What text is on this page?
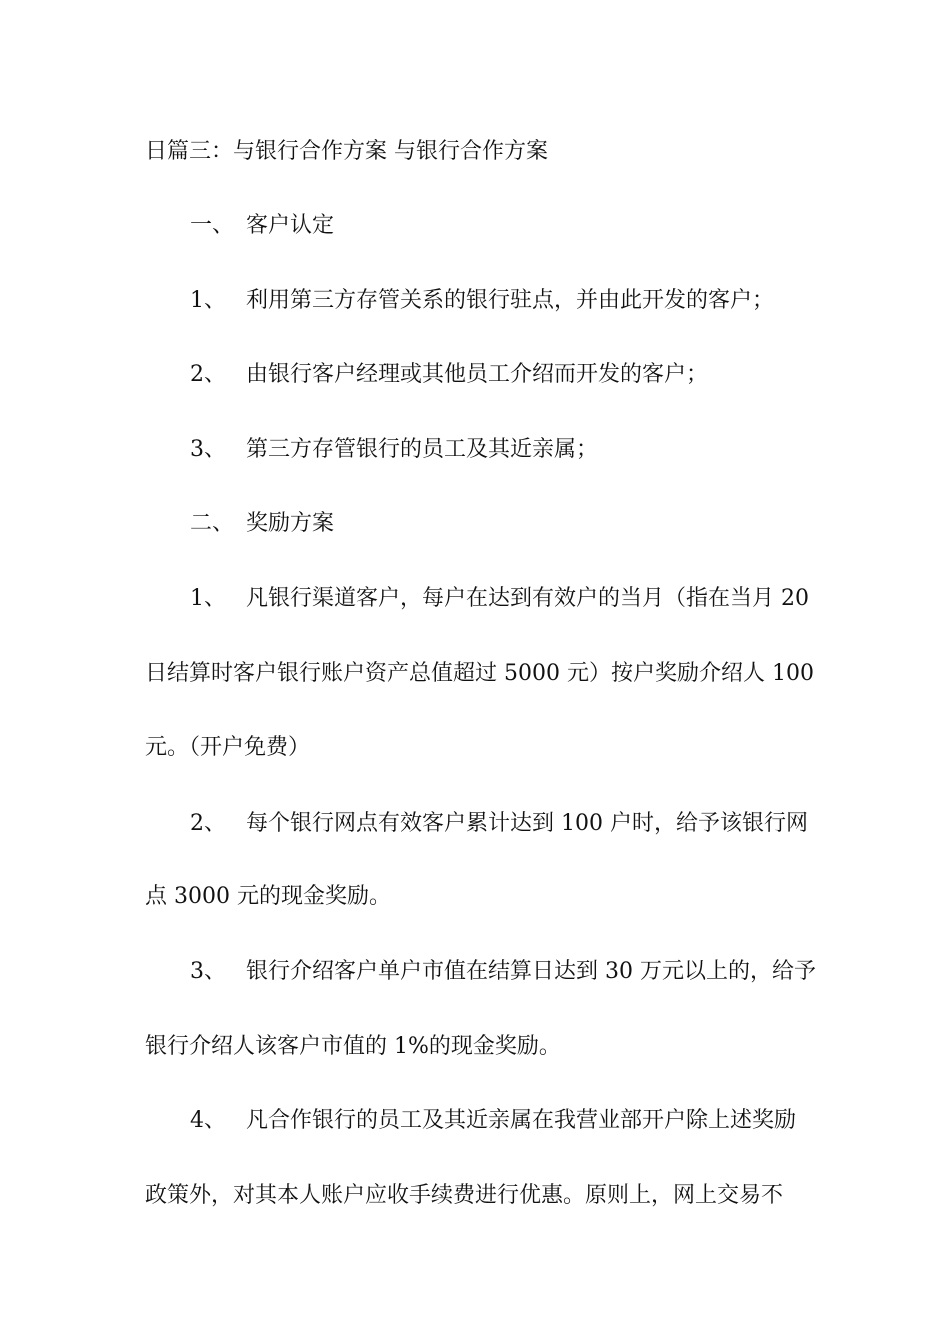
日篇三：与银行合作方案 与银行合作方案
一、 客户认定
1、 利用第三方存管关系的银行驻点，并由此开发的客户；
2、 由银行客户经理或其他员工介绍而开发的客户；
3、 第三方存管银行的员工及其近亲属；
二、 奖励方案
1、 凡银行渠道客户，每户在达到有效户的当月（指在当月 20
日结算时客户银行账户资产总值超过 5000 元）按户奖励介绍人 100
元。（开户免费）
2、 每个银行网点有效客户累计达到 100 户时，给予该银行网
点 3000 元的现金奖励。
3、 银行介绍客户单户市值在结算日达到 30 万元以上的，给予
银行介绍人该客户市值的 1%的现金奖励。
4、 凡合作银行的员工及其近亲属在我营业部开户除上述奖励
政策外，对其本人账户应收手续费进行优惠。原则上，网上交易不
